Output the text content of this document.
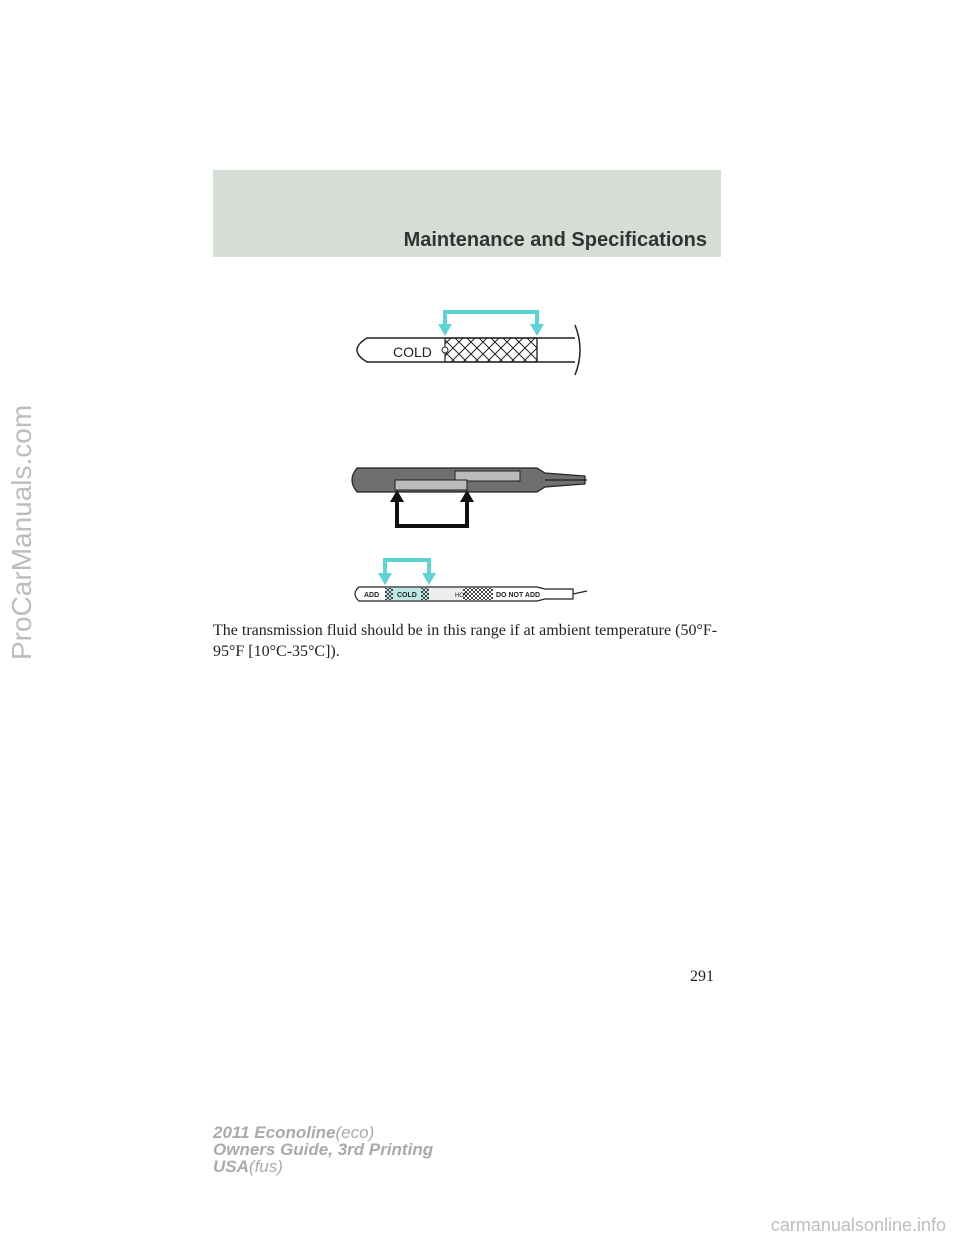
Maintenance and Specifications
ProCarManuals.com
COLD
ADD	COLD	HOT	DO NOT ADD
The transmission fluid should be in this range if at ambient temperature (50°F-95°F [10°C-35°C]).
291
2011 Econoline(eco)
Owners Guide, 3rd Printing
USA(fus)
carmanualsonline.info
